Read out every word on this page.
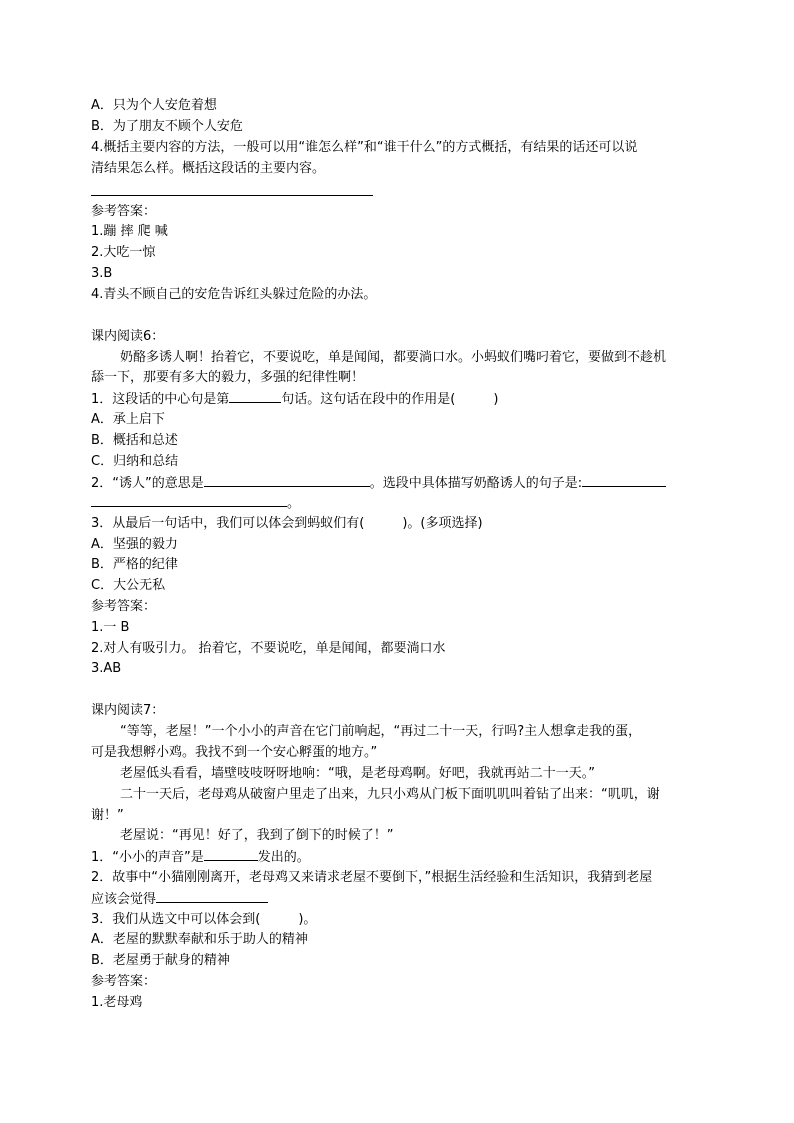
A．只为个人安危着想
B．为了朋友不顾个人安危
4.概括主要内容的方法，一般可以用“谁怎么样”和“谁干什么”的方式概括，有结果的话还可以说
清结果怎么样。概括这段话的主要内容。
参考答案：
1.蹦 摔 爬 喊
2.大吃一惊
3.B
4.青头不顾自己的安危告诉红头躲过危险的办法。
课内阅读6：
奶酪多诱人啊！抬着它，不要说吃，单是闻闻，都要淌口水。小蚂蚁们嘴叼着它，要做到不趁机
舔一下，那要有多大的毅力，多强的纪律性啊！
1．这段话的中心句是第	句话。这句话在段中的作用是(	)
A．承上启下
B．概括和总述
C．归纳和总结
2．“诱人”的意思是	。选段中具体描写奶酪诱人的句子是:
。
3．从最后一句话中，我们可以体会到蚂蚁们有(	)。(多项选择)
A．坚强的毅力
B．严格的纪律
C．大公无私
参考答案：
1.一 B
2.对人有吸引力。 抬着它，不要说吃，单是闻闻，都要淌口水
3.AB
课内阅读7：
“等等，老屋！”一个小小的声音在它门前响起，“再过二十一天，行吗?主人想拿走我的蛋，
可是我想孵小鸡。我找不到一个安心孵蛋的地方。”
老屋低头看看，墙壁吱吱呀呀地响：“哦，是老母鸡啊。好吧，我就再站二十一天。”
二十一天后，老母鸡从破窗户里走了出来，九只小鸡从门板下面叽叽叫着钻了出来：“叽叽，谢
谢！”
老屋说：“再见！好了，我到了倒下的时候了！”
1．“小小的声音”是	发出的。
2．故事中“小猫刚刚离开，老母鸡又来请求老屋不要倒下，”根据生活经验和生活知识，我猜到老屋
应该会觉得
3．我们从选文中可以体会到(	)。
A．老屋的默默奉献和乐于助人的精神
B．老屋勇于献身的精神
参考答案：
1.老母鸡
